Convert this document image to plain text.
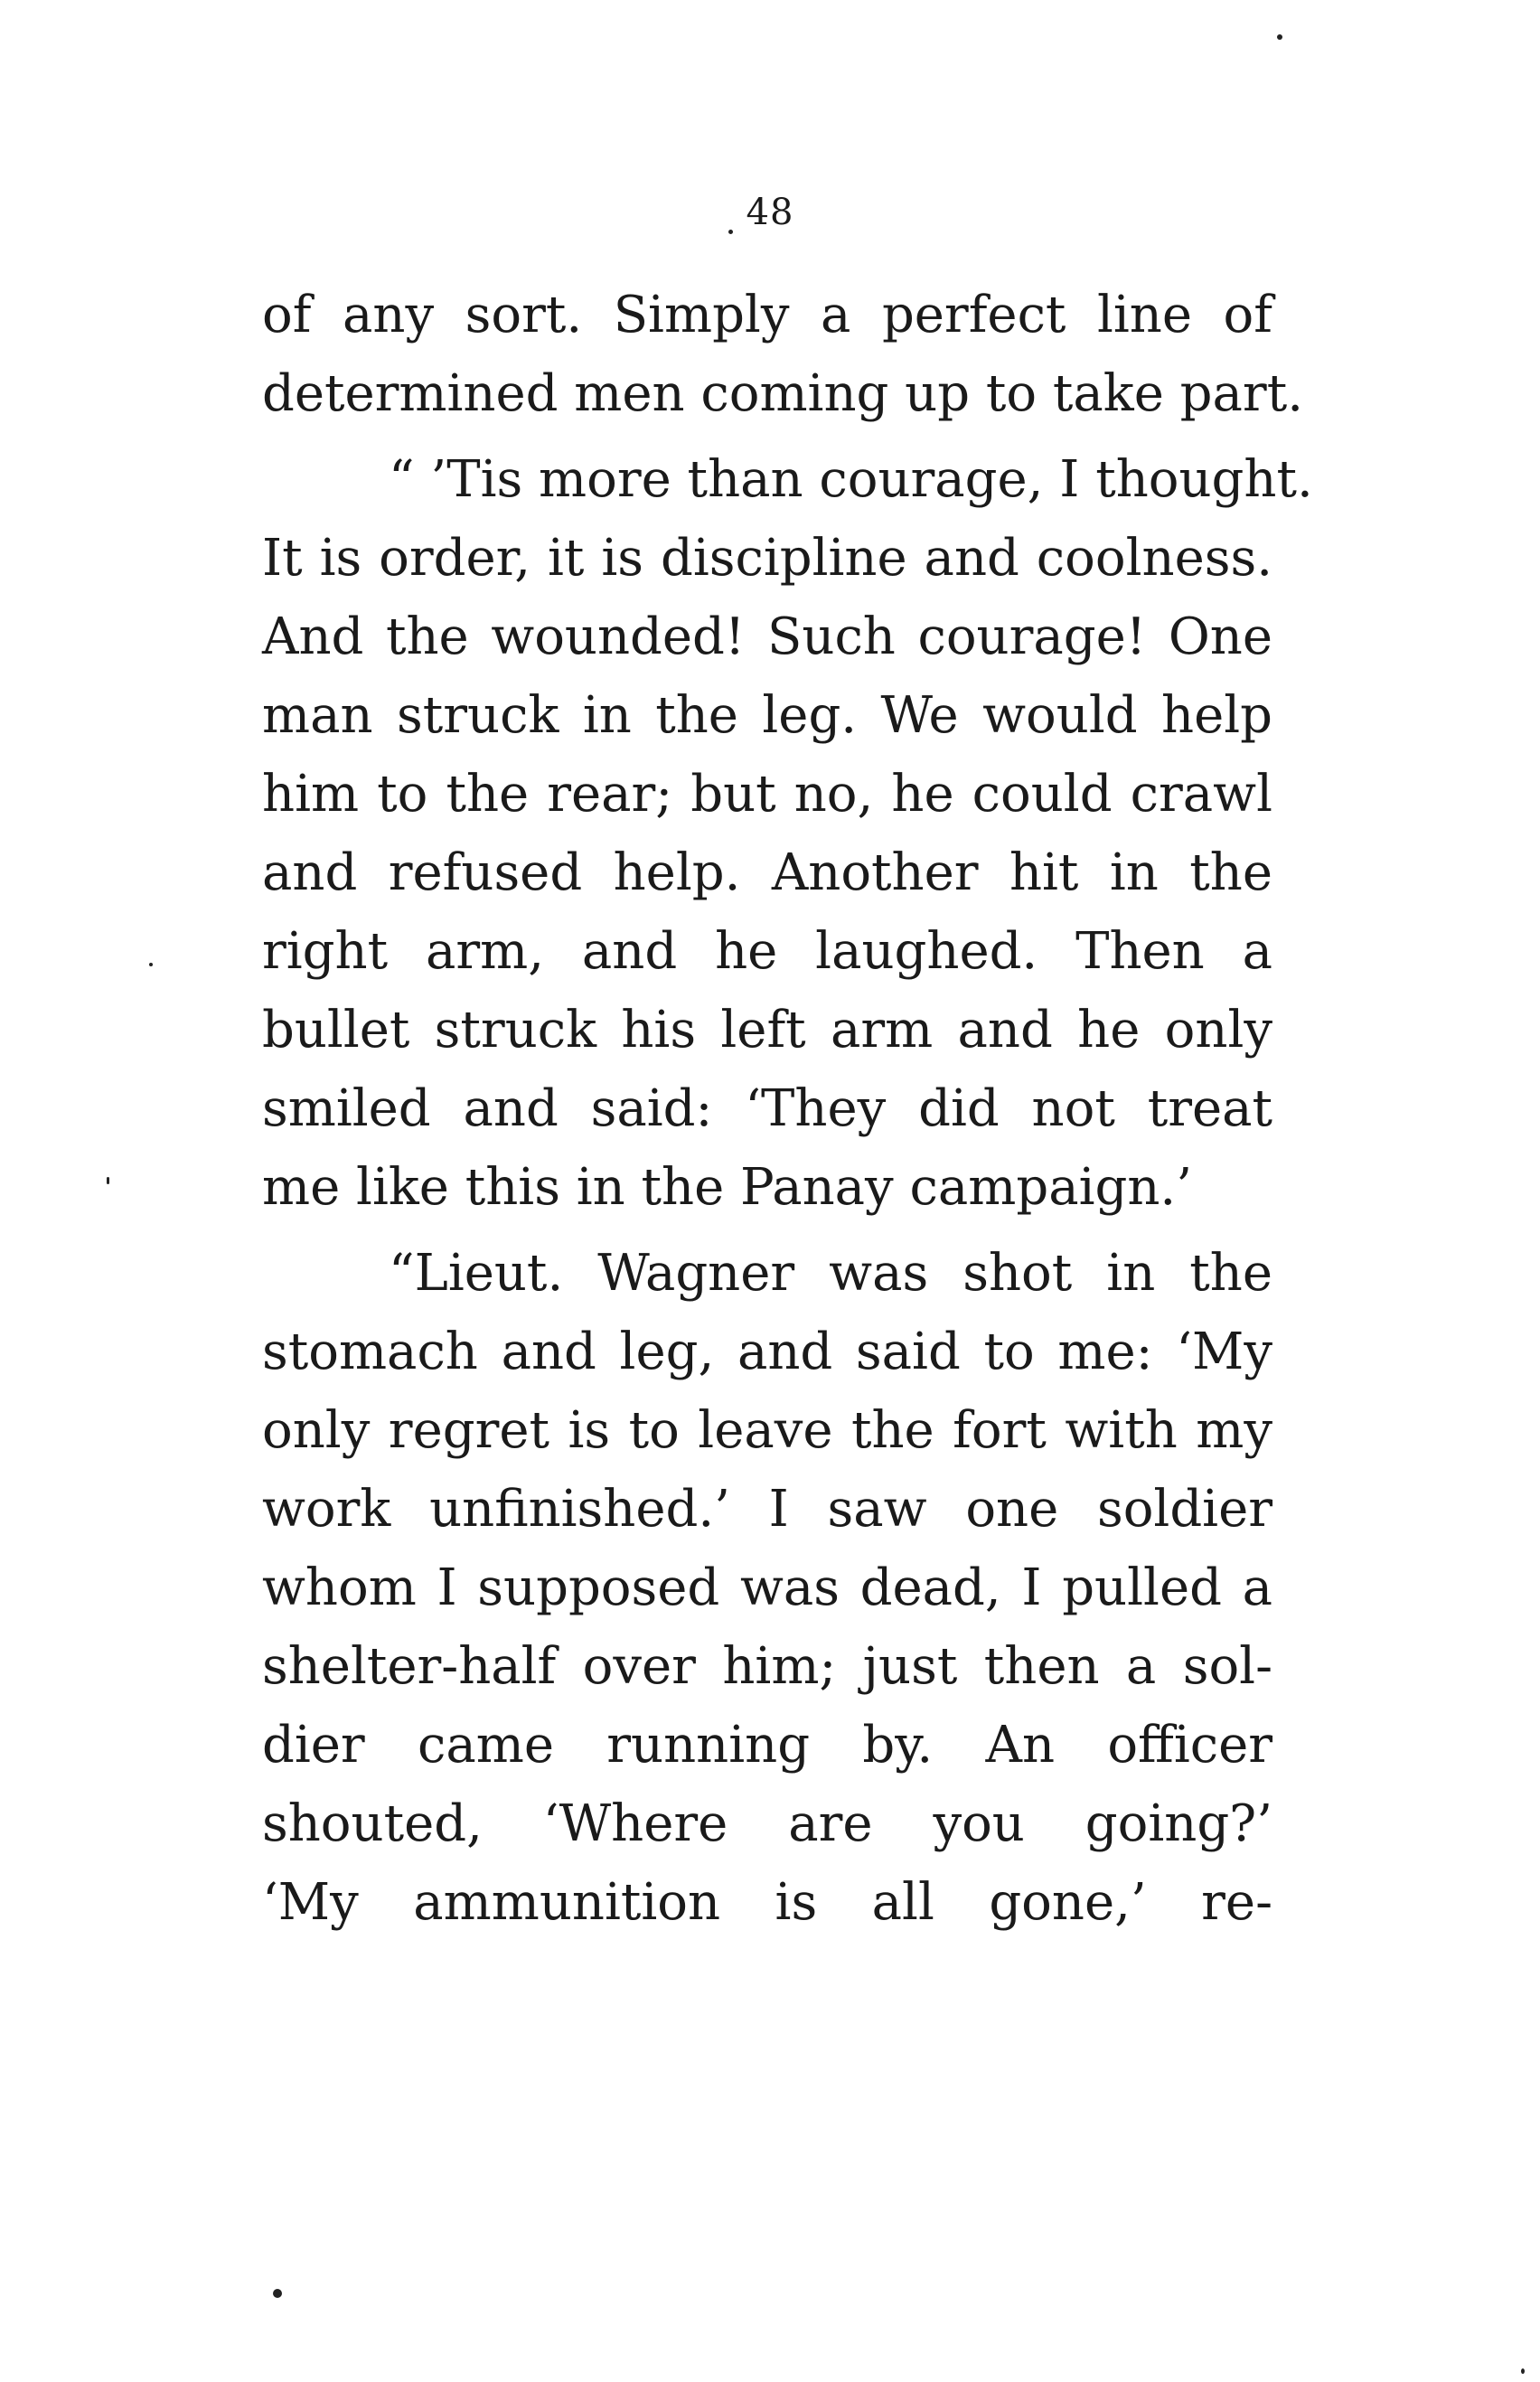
48
of any sort. Simply a perfect line of
determined men coming up to take part.
“ ’Tis more than courage, I thought.
It is order, it is discipline and coolness.
And the wounded! Such courage! One
man struck in the leg. We would help
him to the rear; but no, he could crawl
and refused help. Another hit in the
right arm, and he laughed. Then a
bullet struck his left arm and he only
smiled and said: ‘They did not treat
me like this in the Panay campaign.’
“Lieut. Wagner was shot in the
stomach and leg, and said to me: ‘My
only regret is to leave the fort with my
work unfinished.’ I saw one soldier
whom I supposed was dead, I pulled a
shelter-half over him; just then a sol-
dier came running by. An officer
shouted, ‘Where are you going?’
‘My ammunition is all gone,’ re-
